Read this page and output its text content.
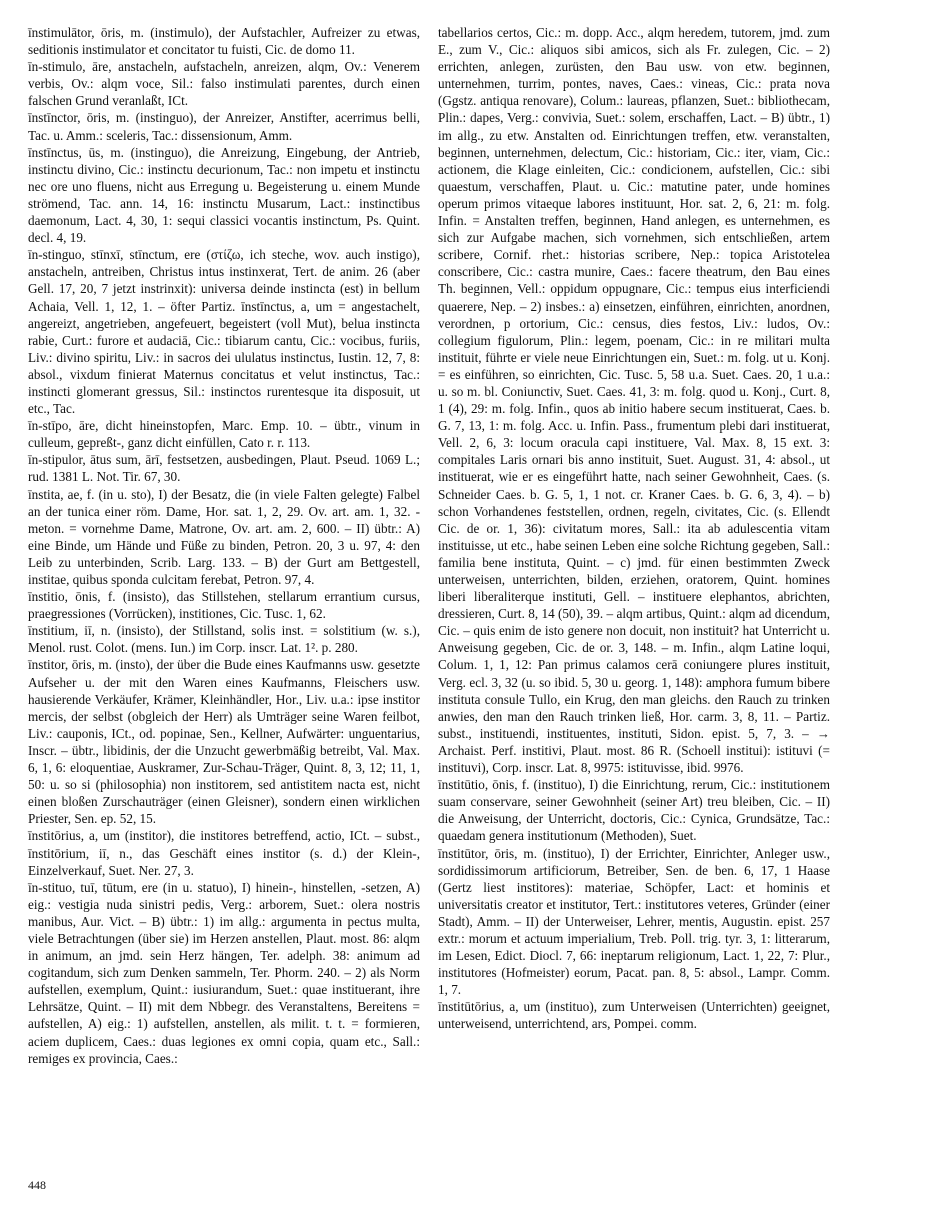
īnstimulātor, ōris, m. (instimulo), der Aufstachler, Aufreizer zu etwas, seditionis instimulator et concitator tu fuisti, Cic. de domo 11.

īn-stimulo, āre, anstacheln, aufstacheln, anreizen, alqm, Ov.: Venerem verbis, Ov.: alqm voce, Sil.: falso instimulati parentes, durch einen falschen Grund veranlaßt, ICt.

īnstīnctor, ōris, m. (instinguo), der Anreizer, Anstifter, acerrimus belli, Tac. u. Amm.: sceleris, Tac.: dissensionum, Amm.

īnstīnctus, ūs, m. (instinguo), die Anreizung, Eingebung, der Antrieb, instinctu divino, Cic.: instinctu decurionum, Tac.: non impetu et instinctu nec ore uno fluens, nicht aus Erregung u. Begeisterung u. einem Munde strömend, Tac. ann. 14, 16: instinctu Musarum, Lact.: instinctibus daemonum, Lact. 4, 30, 1: sequi classici vocantis instinctum, Ps. Quint. decl. 4, 19.

īn-stinguo, stīnxī, stīnctum, ere (στίζω, ich steche, wov. auch instigo), anstacheln, antreiben, Christus intus instinxerat, Tert. de anim. 26 (aber Gell. 17, 20, 7 jetzt instrinxit): universa deinde instincta (est) in bellum Achaia, Vell. 1, 12, 1. – öfter Partiz. īnstīnctus, a, um = angestachelt, angereizt, angetrieben, angefeuert, begeistert (voll Mut), belua instincta rabie, Curt.: furore et audaciā, Cic.: tibiarum cantu, Cic.: vocibus, furiis, Liv.: divino spiritu, Liv.: in sacros dei ululatus instinctus, Iustin. 12, 7, 8: absol., vixdum finierat Maternus concitatus et velut instinctus, Tac.: instincti glomerant gressus, Sil.: instinctos rurentesque ita disposuit, ut etc., Tac.

īn-stīpo, āre, dicht hineinstopfen, Marc. Emp. 10. – übtr., vinum in culleum, gepreßt-, ganz dicht einfüllen, Cato r. r. 113.

īn-stipulor, ātus sum, ārī, festsetzen, ausbedingen, Plaut. Pseud. 1069 L.; rud. 1381 L. Not. Tir. 67, 30.

īnstita, ae, f. (in u. sto), I) der Besatz, die (in viele Falten gelegte) Falbel an der tunica einer röm. Dame, Hor. sat. 1, 2, 29. Ov. art. am. 1, 32. - meton. = vornehme Dame, Matrone, Ov. art. am. 2, 600. – II) übtr.: A) eine Binde, um Hände und Füße zu binden, Petron. 20, 3 u. 97, 4: den Leib zu unterbinden, Scrib. Larg. 133. – B) der Gurt am Bettgestell, institae, quibus sponda culcitam ferebat, Petron. 97, 4.

īnstitio, ōnis, f. (insisto), das Stillstehen, stellarum errantium cursus, praegressiones (Vorrücken), institiones, Cic. Tusc. 1, 62.

īnstitium, iī, n. (insisto), der Stillstand, solis inst. = solstitium (w. s.), Menol. rust. Colot. (mens. Iun.) im Corp. inscr. Lat. 1². p. 280.

īnstitor, ōris, m. (insto), der über die Bude eines Kaufmanns usw. gesetzte Aufseher u. der mit den Waren eines Kaufmanns, Fleischers usw. hausierende Verkäufer, Krämer, Kleinhändler, Hor., Liv. u.a.: ipse institor mercis, der selbst (obgleich der Herr) als Umträger seine Waren feilbot, Liv.: cauponis, ICt., od. popinae, Sen., Kellner, Aufwärter: unguentarius, Inscr. – übtr., libidinis, der die Unzucht gewerbmäßig betreibt, Val. Max. 6, 1, 6: eloquentiae, Auskramer, Zur-Schau-Träger, Quint. 8, 3, 12; 11, 1, 50: u. so si (philosophia) non institorem, sed antistitem nacta est, nicht einen bloßen Zurschauträger (einen Gleisner), sondern einen wirklichen Priester, Sen. ep. 52, 15.

īnstitōrius, a, um (institor), die institores betreffend, actio, ICt. – subst., īnstitōrium, iī, n., das Geschäft eines institor (s. d.) der Klein-, Einzelverkauf, Suet. Ner. 27, 3.

īn-stituo, tuī, tūtum, ere (in u. statuo), I) hinein-, hinstellen, -setzen, A) eig.: vestigia nuda sinistri pedis, Verg.: arborem, Suet.: olera nostris manibus, Aur. Vict. – B) übtr.: 1) im allg.: argumenta in pectus multa, viele Betrachtungen (über sie) im Herzen anstellen, Plaut. most. 86: alqm in animum, an jmd. sein Herz hängen, Ter. adelph. 38: animum ad cogitandum, sich zum Denken sammeln, Ter. Phorm. 240. – 2) als Norm aufstellen, exemplum, Quint.: iusiurandum, Suet.: quae instituerant, ihre Lehrsätze, Quint. – II) mit dem Nbbegr. des Veranstaltens, Bereitens = aufstellen, A) eig.: 1) aufstellen, anstellen, als milit. t. t. = formieren, aciem duplicem, Caes.: duas legiones ex omni copia, quam etc., Sall.: remiges ex provincia, Caes.:

tabellarios certos, Cic.: m. dopp. Acc., alqm heredem, tutorem, jmd. zum E., zum V., Cic.: aliquos sibi amicos, sich als Fr. zulegen, Cic. – 2) errichten, anlegen, zurüsten, den Bau usw. von etw. beginnen, unternehmen, turrim, pontes, naves, Caes.: vineas, Cic.: prata nova (Ggstz. antiqua renovare), Colum.: laureas, pflanzen, Suet.: bibliothecam, Plin.: dapes, Verg.: convivia, Suet.: solem, erschaffen, Lact. – B) übtr., 1) im allg., zu etw. Anstalten od. Einrichtungen treffen, etw. veranstalten, beginnen, unternehmen, delectum, Cic.: historiam, Cic.: iter, viam, Cic.: actionem, die Klage einleiten, Cic.: condicionem, aufstellen, Cic.: sibi quaestum, verschaffen, Plaut. u. Cic.: matutine pater, unde homines operum primos vitaeque labores instituunt, Hor. sat. 2, 6, 21: m. folg. Infin. = Anstalten treffen, beginnen, Hand anlegen, es unternehmen, es sich zur Aufgabe machen, sich vornehmen, sich entschließen, artem scribere, Cornif. rhet.: historias scribere, Nep.: topica Aristotelea conscribere, Cic.: castra munire, Caes.: facere theatrum, den Bau eines Th. beginnen, Vell.: oppidum oppugnare, Cic.: tempus eius interficiendi quaerere, Nep. – 2) insbes.: a) einsetzen, einführen, einrichten, anordnen, verordnen, p ortorium, Cic.: census, dies festos, Liv.: ludos, Ov.: collegium figulorum, Plin.: legem, poenam, Cic.: in re militari multa instituit, führte er viele neue Einrichtungen ein, Suet.: m. folg. ut u. Konj. = es einführen, so einrichten, Cic. Tusc. 5, 58 u.a. Suet. Caes. 20, 1 u.a.: u. so m. bl. Coniunctiv, Suet. Caes. 41, 3: m. folg. quod u. Konj., Curt. 8, 1 (4), 29: m. folg. Infin., quos ab initio habere secum instituerat, Caes. b. G. 7, 13, 1: m. folg. Acc. u. Infin. Pass., frumentum plebi dari instituerat, Vell. 2, 6, 3: locum oracula capi instituere, Val. Max. 8, 15 ext. 3: compitales Laris ornari bis anno instituit, Suet. August. 31, 4: absol., ut instituerat, wie er es eingeführt hatte, nach seiner Gewohnheit, Caes. (s. Schneider Caes. b. G. 5, 1, 1 not. cr. Kraner Caes. b. G. 6, 3, 4). – b) schon Vorhandenes feststellen, ordnen, regeln, civitates, Cic. (s. Ellendt Cic. de or. 1, 36): civitatum mores, Sall.: ita ab adulescentia vitam instituisse, ut etc., habe seinen Leben eine solche Richtung gegeben, Sall.: familia bene instituta, Quint. – c) jmd. für einen bestimmten Zweck unterweisen, unterrichten, bilden, erziehen, oratorem, Quint. homines liberi liberaliterque instituti, Gell. – instituere elephantos, abrichten, dressieren, Curt. 8, 14 (50), 39. – alqm artibus, Quint.: alqm ad dicendum, Cic. – quis enim de isto genere non docuit, non instituit? hat Unterricht u. Anweisung gegeben, Cic. de or. 3, 148. – m. Infin., alqm Latine loqui, Colum. 1, 1, 12: Pan primus calamos cerā coniungere plures instituit, Verg. ecl. 3, 32 (u. so ibid. 5, 30 u. georg. 1, 148): amphora fumum bibere instituta consule Tullo, ein Krug, den man gleichs. den Rauch zu trinken anwies, den man den Rauch trinken ließ, Hor. carm. 3, 8, 11. – Partiz. subst., instituendi, instituentes, instituti, Sidon. epist. 5, 7, 3. – → Archaist. Perf. institivi, Plaut. most. 86 R. (Schoell institui): istituvi (= instituvi), Corp. inscr. Lat. 8, 9975: istituvisse, ibid. 9976.

īnstitūtio, ōnis, f. (instituo), I) die Einrichtung, rerum, Cic.: institutionem suam conservare, seiner Gewohnheit (seiner Art) treu bleiben, Cic. – II) die Anweisung, der Unterricht, doctoris, Cic.: Cynica, Grundsätze, Tac.: quaedam genera institutionum (Methoden), Suet.

īnstitūtor, ōris, m. (instituo), I) der Errichter, Einrichter, Anleger usw., sordidissimorum artificiorum, Betreiber, Sen. de ben. 6, 17, 1 Haase (Gertz liest institores): materiae, Schöpfer, Lact: et hominis et universitatis creator et institutor, Tert.: institutores veteres, Gründer (einer Stadt), Amm. – II) der Unterweiser, Lehrer, mentis, Augustin. epist. 257 extr.: morum et actuum imperialium, Treb. Poll. trig. tyr. 3, 1: litterarum, im Lesen, Edict. Diocl. 7, 66: ineptarum religionum, Lact. 1, 22, 7: Plur., institutores (Hofmeister) eorum, Pacat. pan. 8, 5: absol., Lampr. Comm. 1, 7.

īnstitūtōrius, a, um (instituo), zum Unterweisen (Unterrichten) geeignet, unterweisend, unterrichtend, ars, Pompei. comm.

448
